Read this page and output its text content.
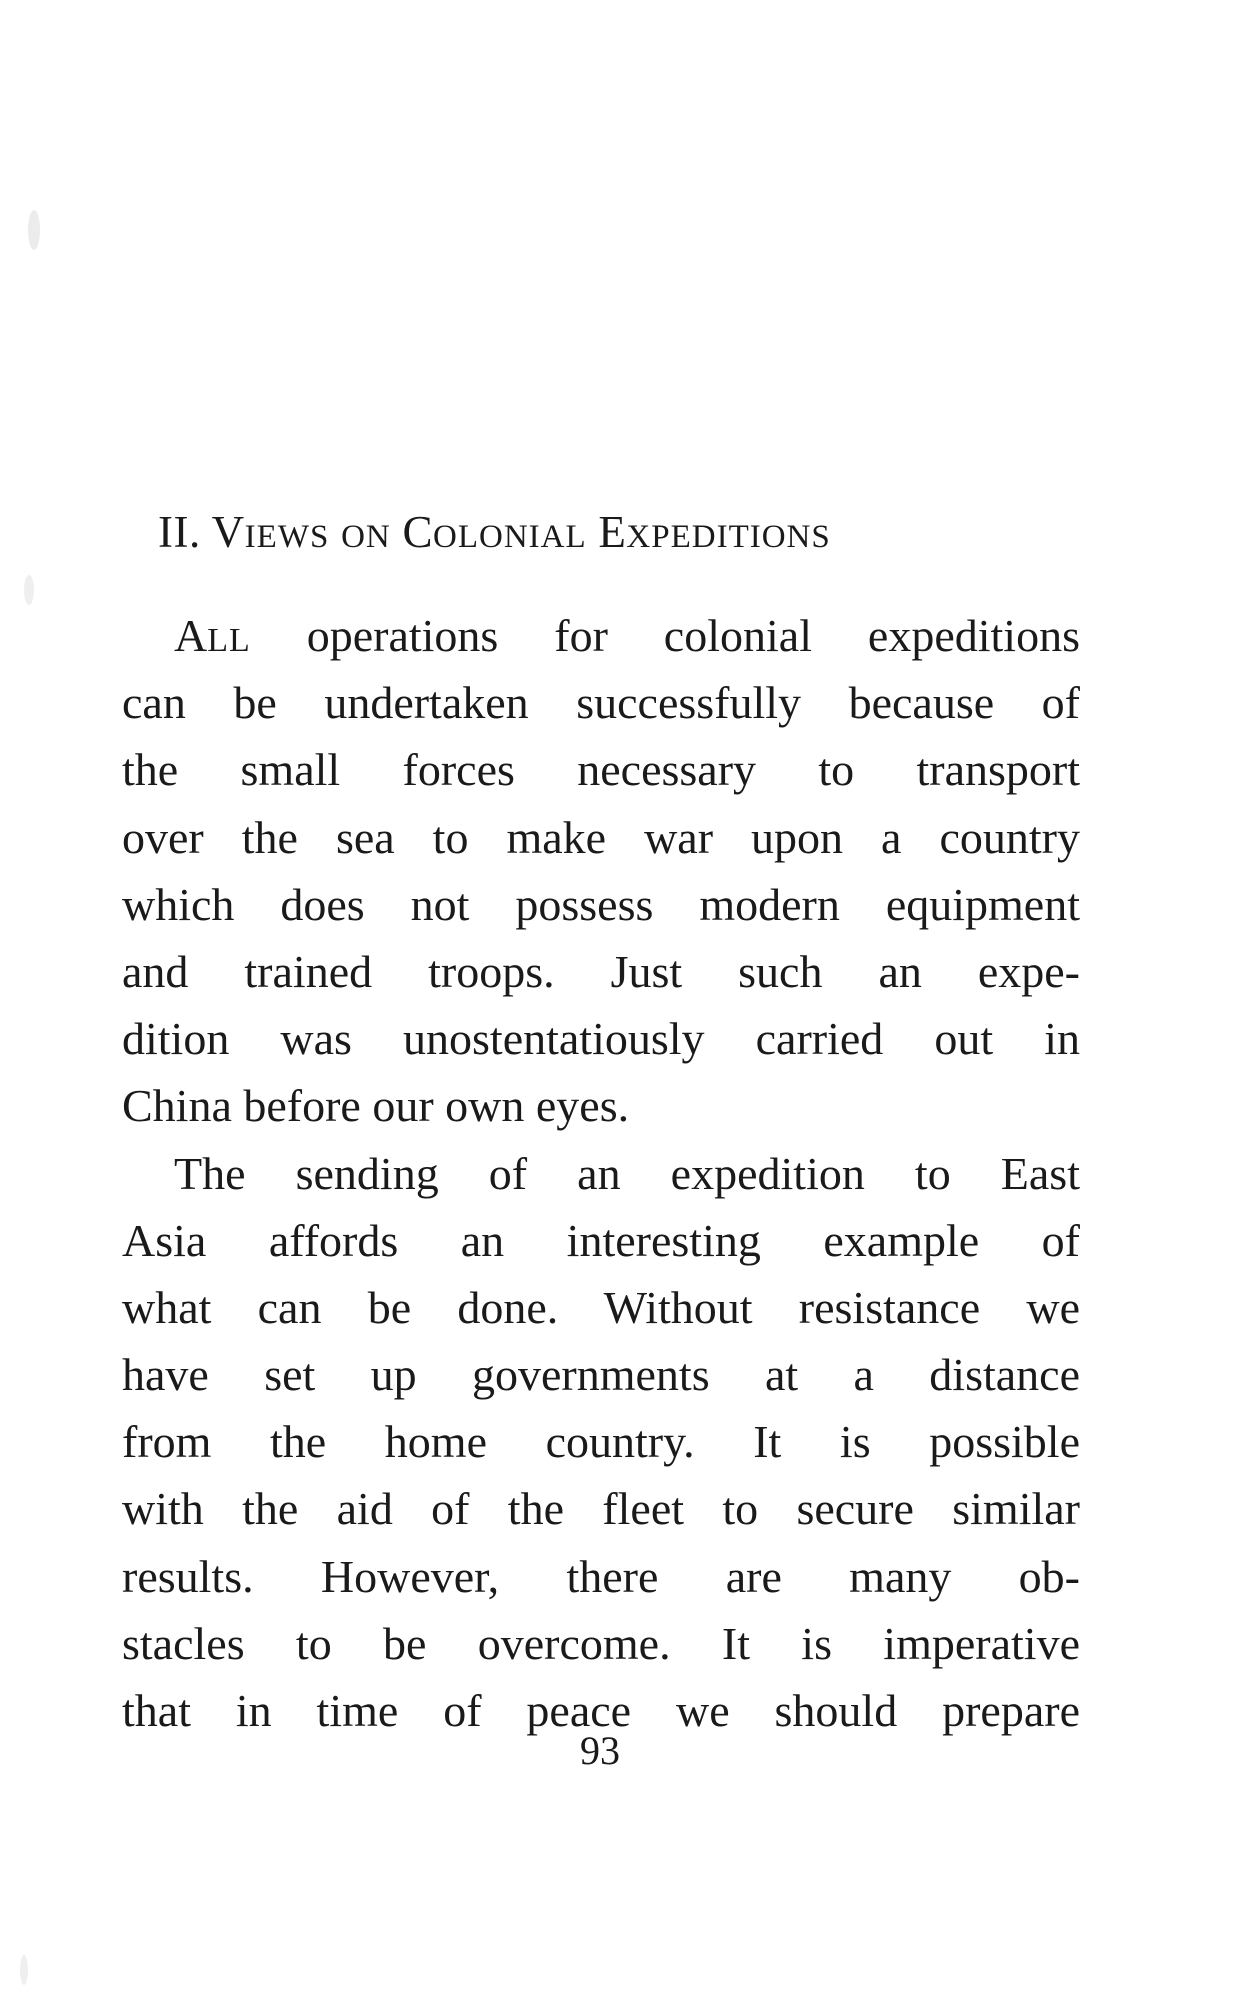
II. VIEWS ON COLONIAL EXPEDITIONS
ALL operations for colonial expeditions
can be undertaken successfully because of
the small forces necessary to transport
over the sea to make war upon a country
which does not possess modern equipment
and trained troops. Just such an expe-
dition was unostentatiously carried out in
China before our own eyes.
The sending of an expedition to East
Asia affords an interesting example of
what can be done. Without resistance we
have set up governments at a distance
from the home country. It is possible
with the aid of the fleet to secure similar
results. However, there are many ob-
stacles to be overcome. It is imperative
that in time of peace we should prepare
93
